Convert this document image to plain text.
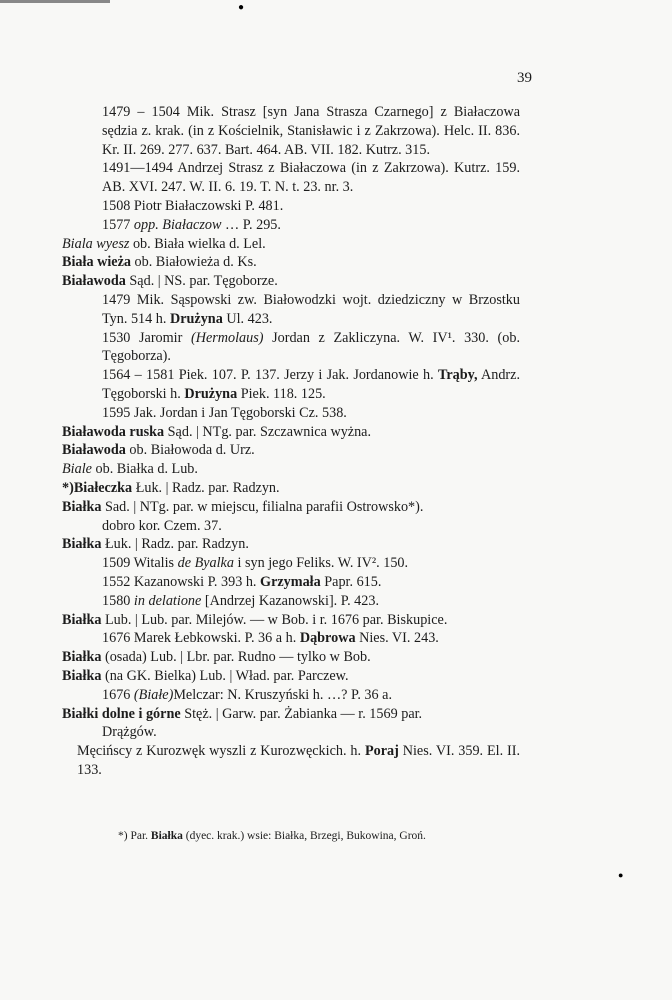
●
●
39

1479 – 1504 Mik. Strasz [syn Jana Strasza Czarnego] z Białaczowa sędzia z. krak. (in z Kościelnik, Stanisławic i z Zakrzowa). Helc. II. 836. Kr. II. 269. 277. 637. Bart. 464. AB. VII. 182. Kutrz. 315.

1491—1494 Andrzej Strasz z Białaczowa (in z Zakrzowa). Kutrz. 159. AB. XVI. 247. W. II. 6. 19. T. N. t. 23. nr. 3.

1508 Piotr Białaczowski P. 481.

1577 opp. Białaczow … P. 295.

Biala wyesz ob. Biała wielka d. Lel.

Biała wieża ob. Białowieża d. Ks.

Białawoda Sąd. | NS. par. Tęgoborze.

1479 Mik. Sąspowski zw. Białowodzki wojt. dziedziczny w Brzostku Tyn. 514 h. Drużyna Ul. 423.

1530 Jaromir (Hermolaus) Jordan z Zakliczyna. W. IV¹. 330. (ob. Tęgoborza).

1564 – 1581 Piek. 107. P. 137. Jerzy i Jak. Jordanowie h. Trąby, Andrz. Tęgoborski h. Drużyna Piek. 118. 125.

1595 Jak. Jordan i Jan Tęgoborski Cz. 538.

Białawoda ruska Sąd. | NTg. par. Szczawnica wyżna.

Białawoda ob. Białowoda d. Urz.

Biale ob. Białka d. Lub.

*)Białeczka Łuk. | Radz. par. Radzyn.

Białka Sad. | NTg. par. w miejscu, filialna parafii Ostrowsko*).

dobro kor. Czem. 37.

Białka Łuk. | Radz. par. Radzyn.

1509 Witalis de Byalka i syn jego Feliks. W. IV². 150.

1552 Kazanowski P. 393 h. Grzymała Papr. 615.

1580 in delatione [Andrzej Kazanowski]. P. 423.

Białka Lub. | Lub. par. Milejów. — w Bob. i r. 1676 par. Biskupice.

1676 Marek Łebkowski. P. 36 a h. Dąbrowa Nies. VI. 243.

Białka (osada) Lub. | Lbr. par. Rudno — tylko w Bob.

Białka (na GK. Bielka) Lub. | Wład. par. Parczew.

1676 (Białe)Melczar: N. Kruszyński h. …? P. 36 a.

Białki dolne i górne Stęż. | Garw. par. Żabianka — r. 1569 par.

Drążgów.

Męcińscy z Kurozwęk wyszli z Kurozwęckich. h. Poraj Nies. VI. 359. El. II. 133.

*) Par. Białka (dyec. krak.) wsie: Białka, Brzegi, Bukowina, Groń.
